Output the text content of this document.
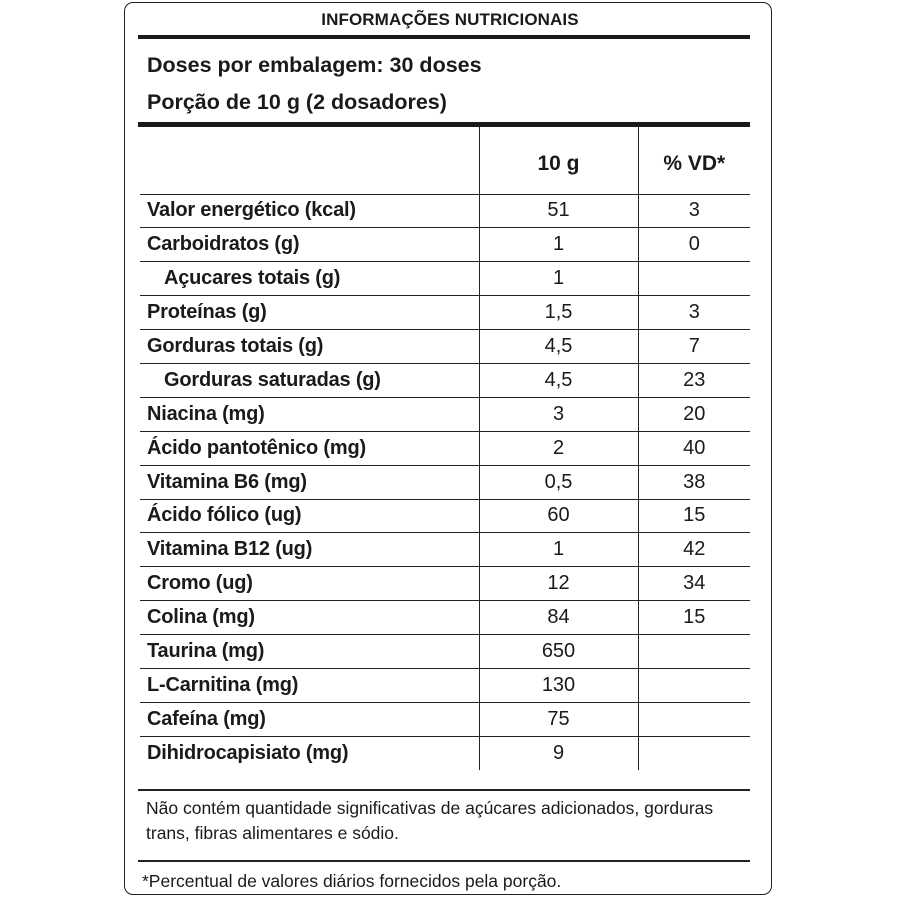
INFORMAÇÕES NUTRICIONAIS
Doses por embalagem: 30 doses
Porção de 10 g (2 dosadores)
	10 g	% VD*
Valor energético (kcal)	51	3
Carboidratos (g)	1	0
Açucares totais (g)	1	
Proteínas (g)	1,5	3
Gorduras totais (g)	4,5	7
Gorduras saturadas (g)	4,5	23
Niacina (mg)	3	20
Ácido pantotênico (mg)	2	40
Vitamina B6 (mg)	0,5	38
Ácido fólico (ug)	60	15
Vitamina B12 (ug)	1	42
Cromo (ug)	12	34
Colina (mg)	84	15
Taurina (mg)	650	
L-Carnitina (mg)	130	
Cafeína (mg)	75	
Dihidrocapisiato (mg)	9	
Não contém quantidade significativas de açúcares adicionados, gorduras trans, fibras alimentares e sódio.
*Percentual de valores diários fornecidos pela porção.
